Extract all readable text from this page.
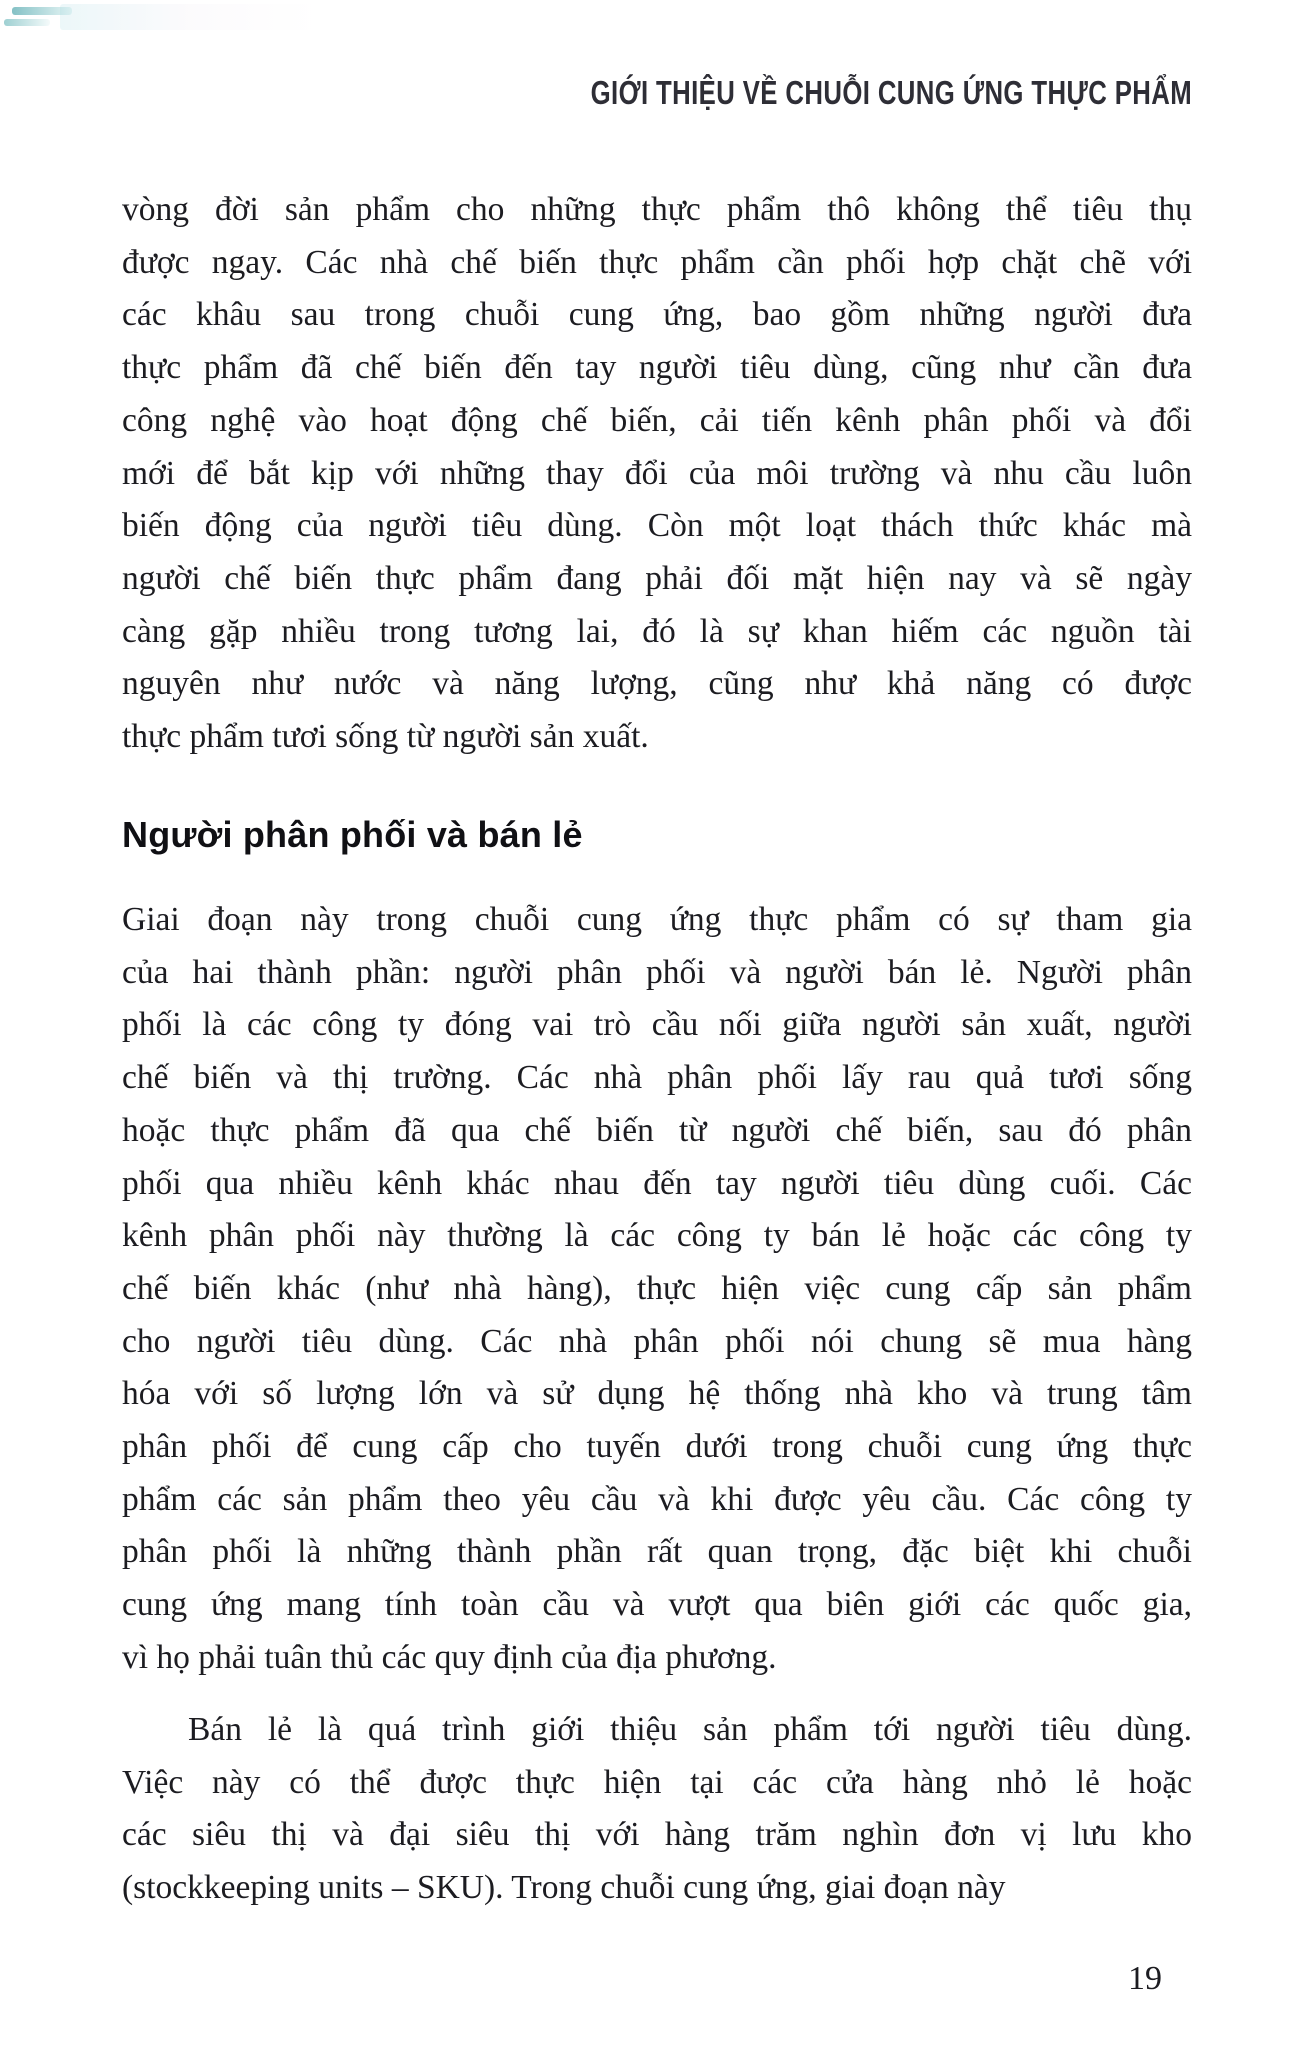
GIỚI THIỆU VỀ CHUỖI CUNG ỨNG THỰC PHẨM
vòng đời sản phẩm cho những thực phẩm thô không thể tiêu thụ
được ngay. Các nhà chế biến thực phẩm cần phối hợp chặt chẽ với
các khâu sau trong chuỗi cung ứng, bao gồm những người đưa
thực phẩm đã chế biến đến tay người tiêu dùng, cũng như cần đưa
công nghệ vào hoạt động chế biến, cải tiến kênh phân phối và đổi
mới để bắt kịp với những thay đổi của môi trường và nhu cầu luôn
biến động của người tiêu dùng. Còn một loạt thách thức khác mà
người chế biến thực phẩm đang phải đối mặt hiện nay và sẽ ngày
càng gặp nhiều trong tương lai, đó là sự khan hiếm các nguồn tài
nguyên như nước và năng lượng, cũng như khả năng có được
thực phẩm tươi sống từ người sản xuất.
Người phân phối và bán lẻ
Giai đoạn này trong chuỗi cung ứng thực phẩm có sự tham gia
của hai thành phần: người phân phối và người bán lẻ. Người phân
phối là các công ty đóng vai trò cầu nối giữa người sản xuất, người
chế biến và thị trường. Các nhà phân phối lấy rau quả tươi sống
hoặc thực phẩm đã qua chế biến từ người chế biến, sau đó phân
phối qua nhiều kênh khác nhau đến tay người tiêu dùng cuối. Các
kênh phân phối này thường là các công ty bán lẻ hoặc các công ty
chế biến khác (như nhà hàng), thực hiện việc cung cấp sản phẩm
cho người tiêu dùng. Các nhà phân phối nói chung sẽ mua hàng
hóa với số lượng lớn và sử dụng hệ thống nhà kho và trung tâm
phân phối để cung cấp cho tuyến dưới trong chuỗi cung ứng thực
phẩm các sản phẩm theo yêu cầu và khi được yêu cầu. Các công ty
phân phối là những thành phần rất quan trọng, đặc biệt khi chuỗi
cung ứng mang tính toàn cầu và vượt qua biên giới các quốc gia,
vì họ phải tuân thủ các quy định của địa phương.
Bán lẻ là quá trình giới thiệu sản phẩm tới người tiêu dùng.
Việc này có thể được thực hiện tại các cửa hàng nhỏ lẻ hoặc
các siêu thị và đại siêu thị với hàng trăm nghìn đơn vị lưu kho
(stockkeeping units – SKU). Trong chuỗi cung ứng, giai đoạn này
19
